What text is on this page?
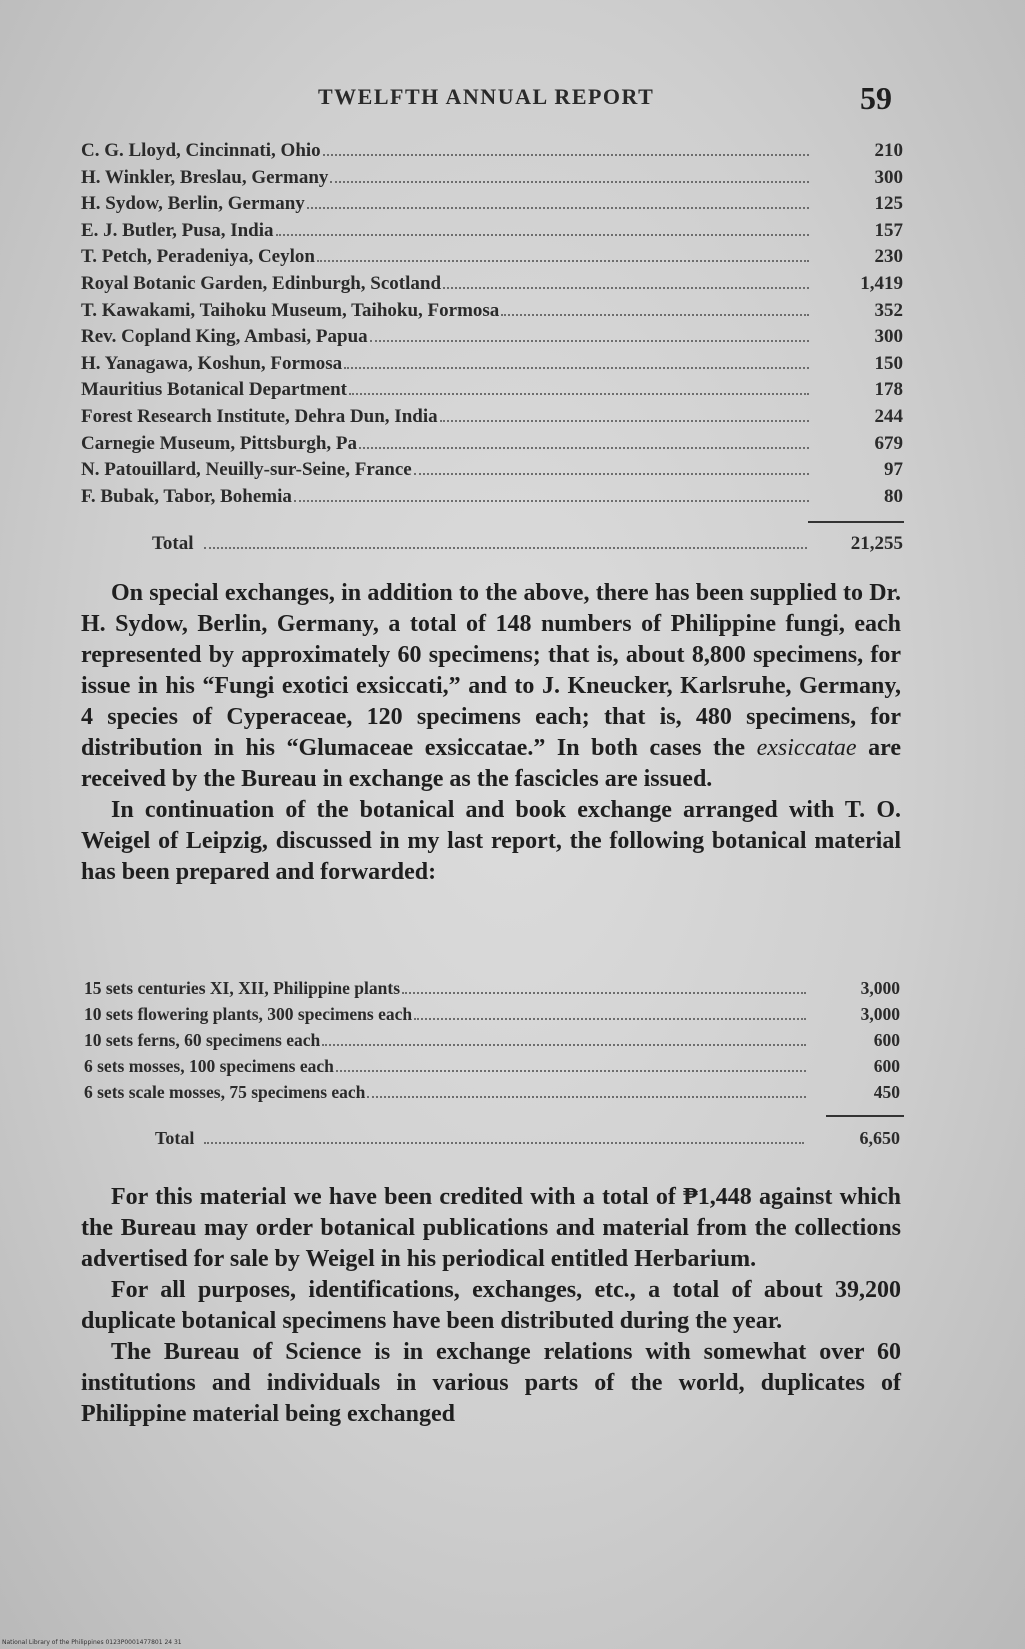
TWELFTH ANNUAL REPORT	59
C. G. Lloyd, Cincinnati, Ohio	210
H. Winkler, Breslau, Germany	300
H. Sydow, Berlin, Germany	125
E. J. Butler, Pusa, India	157
T. Petch, Peradeniya, Ceylon	230
Royal Botanic Garden, Edinburgh, Scotland	1,419
T. Kawakami, Taihoku Museum, Taihoku, Formosa	352
Rev. Copland King, Ambasi, Papua	300
H. Yanagawa, Koshun, Formosa	150
Mauritius Botanical Department	178
Forest Research Institute, Dehra Dun, India	244
Carnegie Museum, Pittsburgh, Pa	679
N. Patouillard, Neuilly-sur-Seine, France	97
F. Bubak, Tabor, Bohemia	80
Total	21,255

On special exchanges, in addition to the above, there has been supplied to Dr. H. Sydow, Berlin, Germany, a total of 148 numbers of Philippine fungi, each represented by approximately 60 specimens; that is, about 8,800 specimens, for issue in his “Fungi exotici exsiccati,” and to J. Kneucker, Karlsruhe, Germany, 4 species of Cyperaceae, 120 specimens each; that is, 480 specimens, for distribution in his “Glumaceae exsiccatae.” In both cases the exsiccatae are received by the Bureau in exchange as the fascicles are issued.

In continuation of the botanical and book exchange arranged with T. O. Weigel of Leipzig, discussed in my last report, the following botanical material has been prepared and forwarded:

15 sets centuries XI, XII, Philippine plants	3,000
10 sets flowering plants, 300 specimens each	3,000
10 sets ferns, 60 specimens each	600
6 sets mosses, 100 specimens each	600
6 sets scale mosses, 75 specimens each	450
Total	6,650

For this material we have been credited with a total of ₱1,448 against which the Bureau may order botanical publications and material from the collections advertised for sale by Weigel in his periodical entitled Herbarium.

For all purposes, identifications, exchanges, etc., a total of about 39,200 duplicate botanical specimens have been distributed during the year.

The Bureau of Science is in exchange relations with somewhat over 60 institutions and individuals in various parts of the world, duplicates of Philippine material being exchanged

National Library of the Philippines 0123P0001477801 24 31
